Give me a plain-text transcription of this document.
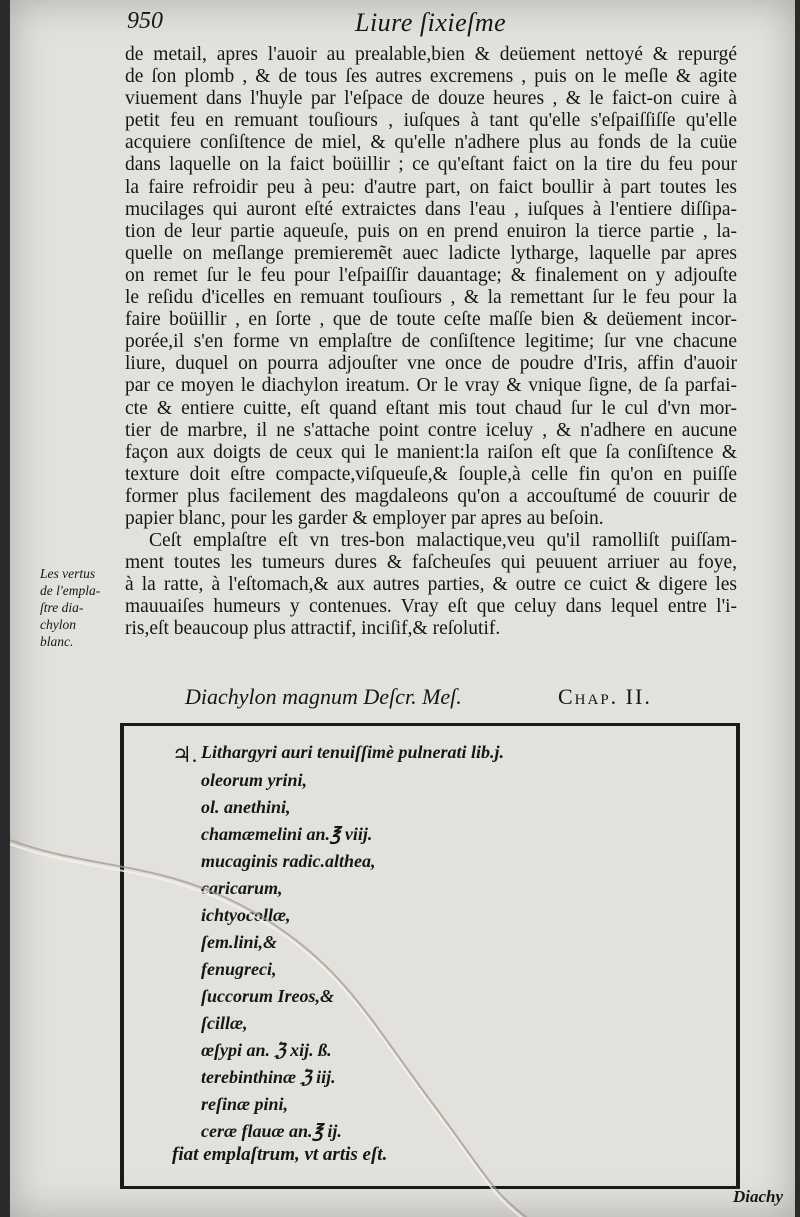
950	Liure ſixieſme
de metail, apres l'auoir au prealable,bien & deüement nettoyé & repurgé
de ſon plomb , & de tous ſes autres excremens , puis on le meſle & agite
viuement dans l'huyle par l'eſpace de douze heures , & le faict-on cuire à
petit feu en remuant touſiours , iuſques à tant qu'elle s'eſpaiſſiſſe qu'elle
acquiere conſiſtence de miel, & qu'elle n'adhere plus au fonds de la cuüe
dans laquelle on la faict boüillir ; ce qu'eſtant faict on la tire du feu pour
la faire refroidir peu à peu: d'autre part, on faict boullir à part toutes les
mucilages qui auront eſté extraictes dans l'eau , iuſques à l'entiere diſſipa-
tion de leur partie aqueuſe, puis on en prend enuiron la tierce partie , la-
quelle on meſlange premieremẽt auec ladicte lytharge, laquelle par apres
on remet ſur le feu pour l'eſpaiſſir dauantage; & finalement on y adjouſte
le reſidu d'icelles en remuant touſiours , & la remettant ſur le feu pour la
faire boüillir , en ſorte , que de toute ceſte maſſe bien & deüement incor-
porée,il s'en forme vn emplaſtre de conſiſtence legitime; ſur vne chacune
liure, duquel on pourra adjouſter vne once de poudre d'Iris, affin d'auoir
par ce moyen le diachylon ireatum. Or le vray & vnique ſigne, de ſa parfai-
cte & entiere cuitte, eſt quand eſtant mis tout chaud ſur le cul d'vn mor-
tier de marbre, il ne s'attache point contre iceluy , & n'adhere en aucune
façon aux doigts de ceux qui le manient:la raiſon eſt que ſa conſiſtence &
texture doit eſtre compacte,viſqueuſe,& ſouple,à celle fin qu'on en puiſſe
former plus facilement des magdaleons qu'on a accouſtumé de couurir de
papier blanc, pour les garder & employer par apres au beſoin.
Ceſt emplaſtre eſt vn tres-bon malactique,veu qu'il ramolliſt puiſſam-
ment toutes les tumeurs dures & faſcheuſes qui peuuent arriuer au foye,
à la ratte, à l'eſtomach,& aux autres parties, & outre ce cuict & digere les
mauuaiſes humeurs y contenues. Vray eſt que celuy dans lequel entre l'i-
ris,eſt beaucoup plus attractif, inciſif,& reſolutif.
Les vertus
de l'empla-
ſtre dia-
chylon
blanc.
Diachylon magnum Deſcr. Meſ.	Chap. II.
♃. Lithargyri auri tenuiſſimè pulnerati lib.j.
oleorum yrini,
ol. anethini,
chamæmelini an.℥ viij.
mucaginis radic.althea,
caricarum,
ichtyocollæ,
ſem.lini,&
fenugreci,
ſuccorum Ireos,&
ſcillæ,
œſypi an. ℨ xij. ß.
terebinthinæ ℨ iij.
reſinæ pini,
ceræ flauæ an.℥ ij.
fiat emplaſtrum, vt artis eſt.
Diachy
